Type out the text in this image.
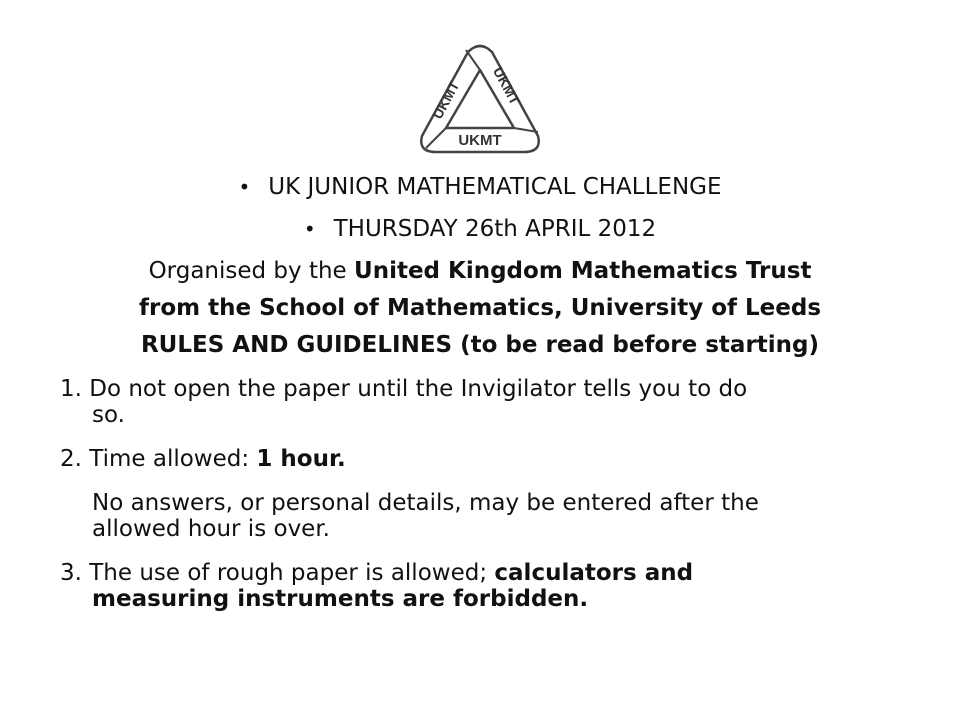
UKMT
UKMT
UKMT
• UK JUNIOR MATHEMATICAL CHALLENGE
• THURSDAY 26th APRIL 2012
Organised by the United Kingdom Mathematics Trust
from the School of Mathematics, University of Leeds
RULES AND GUIDELINES (to be read before starting)
1. Do not open the paper until the Invigilator tells you to do
so.
2. Time allowed: 1 hour.
No answers, or personal details, may be entered after the
allowed hour is over.
3. The use of rough paper is allowed; calculators and
measuring instruments are forbidden.
